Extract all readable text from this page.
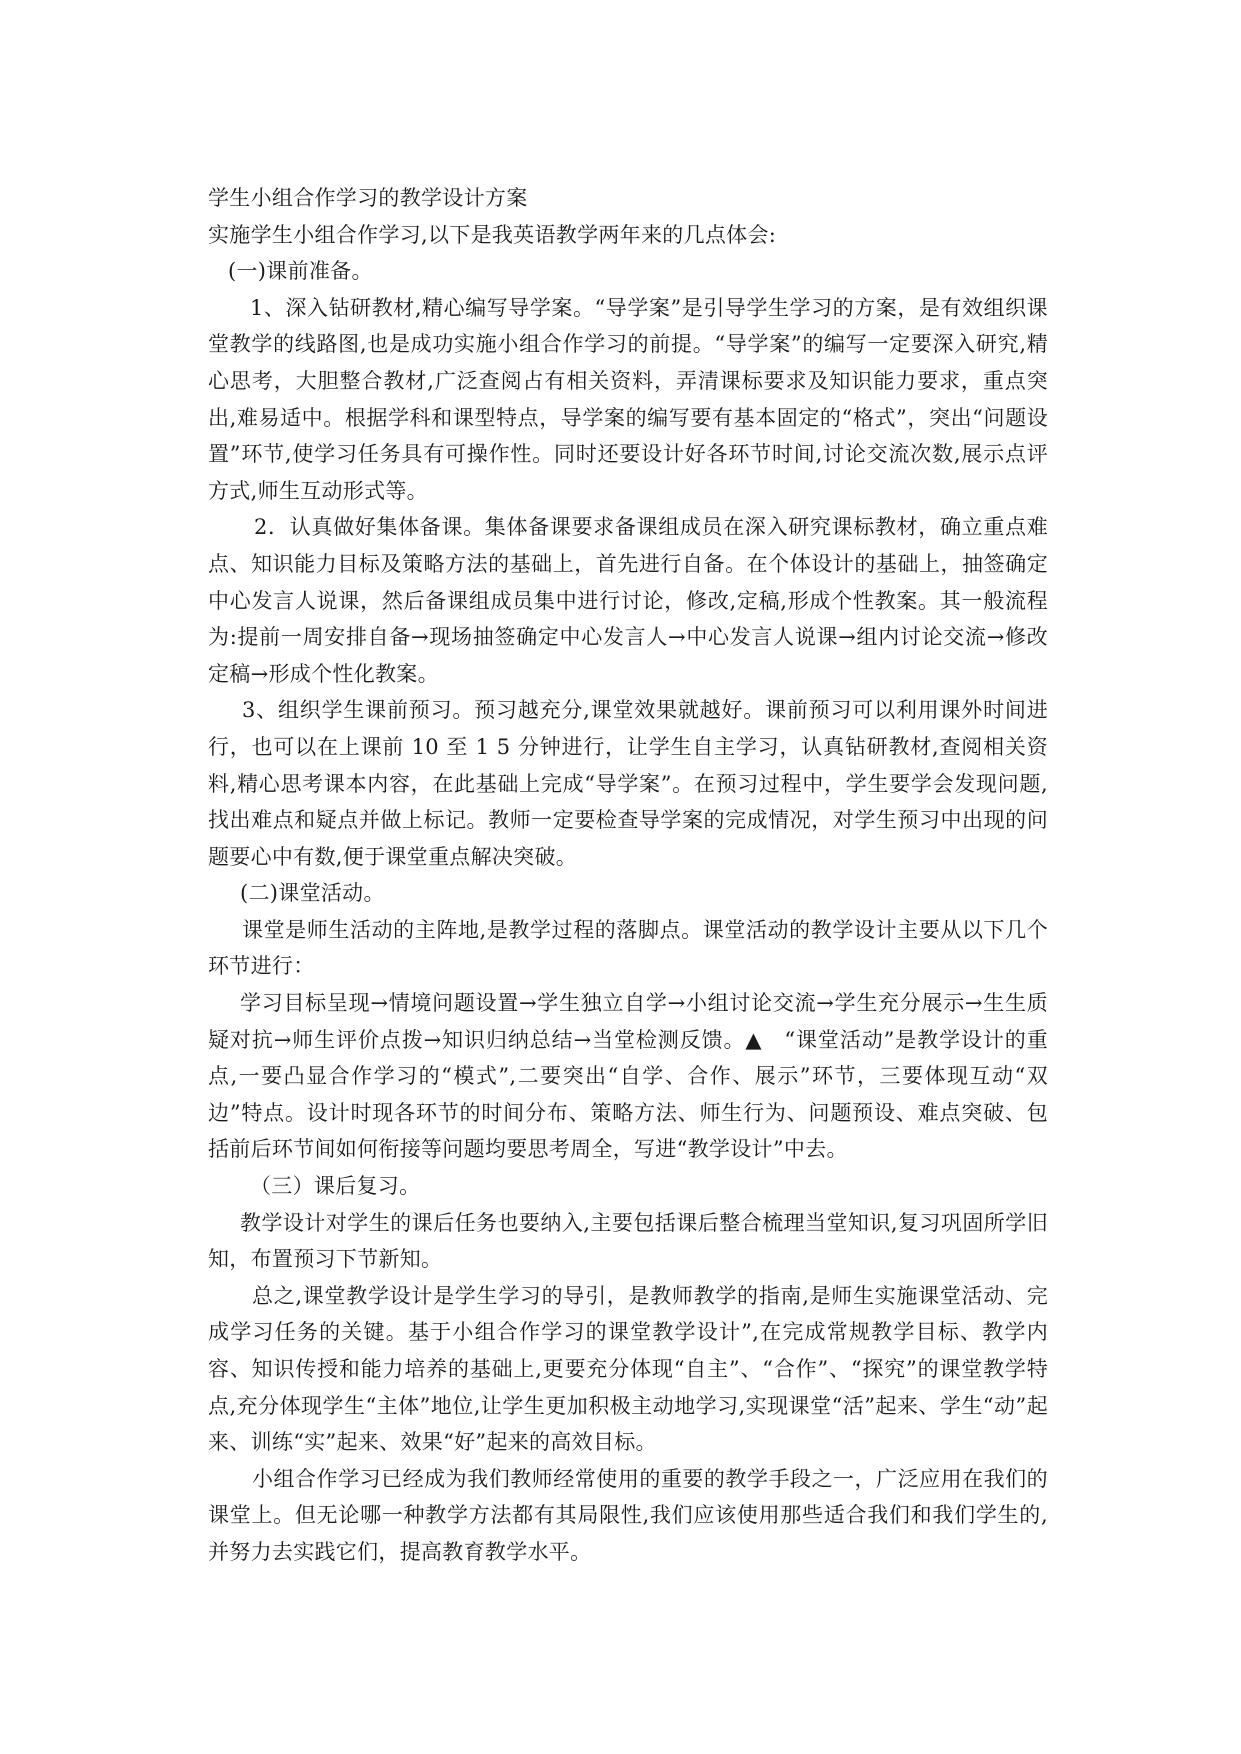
学生小组合作学习的教学设计方案

实施学生小组合作学习,以下是我英语教学两年来的几点体会:

(一)课前准备。

1、深入钻研教材,精心编写导学案。“导学案”是引导学生学习的方案，是有效组织课堂教学的线路图,也是成功实施小组合作学习的前提。“导学案”的编写一定要深入研究,精心思考，大胆整合教材,广泛查阅占有相关资料，弄清课标要求及知识能力要求，重点突出,难易适中。根据学科和课型特点，导学案的编写要有基本固定的“格式”，突出“问题设置”环节,使学习任务具有可操作性。同时还要设计好各环节时间,讨论交流次数,展示点评方式,师生互动形式等。

2．认真做好集体备课。集体备课要求备课组成员在深入研究课标教材，确立重点难点、知识能力目标及策略方法的基础上，首先进行自备。在个体设计的基础上，抽签确定中心发言人说课，然后备课组成员集中进行讨论，修改,定稿,形成个性教案。其一般流程为:提前一周安排自备→现场抽签确定中心发言人→中心发言人说课→组内讨论交流→修改定稿→形成个性化教案。

3、组织学生课前预习。预习越充分,课堂效果就越好。课前预习可以利用课外时间进行，也可以在上课前 10 至 1 5 分钟进行，让学生自主学习，认真钻研教材,查阅相关资料,精心思考课本内容，在此基础上完成“导学案”。在预习过程中，学生要学会发现问题,找出难点和疑点并做上标记。教师一定要检查导学案的完成情况，对学生预习中出现的问题要心中有数,便于课堂重点解决突破。

(二)课堂活动。

课堂是师生活动的主阵地,是教学过程的落脚点。课堂活动的教学设计主要从以下几个环节进行：

学习目标呈现→情境问题设置→学生独立自学→小组讨论交流→学生充分展示→生生质疑对抗→师生评价点拨→知识归纳总结→当堂检测反馈。▲　“课堂活动”是教学设计的重点,一要凸显合作学习的“模式”,二要突出“自学、合作、展示”环节，三要体现互动“双边”特点。设计时现各环节的时间分布、策略方法、师生行为、问题预设、难点突破、包括前后环节间如何衔接等问题均要思考周全，写进“教学设计”中去。

（三）课后复习。

教学设计对学生的课后任务也要纳入,主要包括课后整合梳理当堂知识,复习巩固所学旧知，布置预习下节新知。

总之,课堂教学设计是学生学习的导引，是教师教学的指南,是师生实施课堂活动、完成学习任务的关键。基于小组合作学习的课堂教学设计”,在完成常规教学目标、教学内容、知识传授和能力培养的基础上,更要充分体现“自主”、“合作”、“探究”的课堂教学特点,充分体现学生“主体”地位,让学生更加积极主动地学习,实现课堂“活”起来、学生“动”起来、训练“实”起来、效果“好”起来的高效目标。

小组合作学习已经成为我们教师经常使用的重要的教学手段之一，广泛应用在我们的课堂上。但无论哪一种教学方法都有其局限性,我们应该使用那些适合我们和我们学生的,并努力去实践它们，提高教育教学水平。
